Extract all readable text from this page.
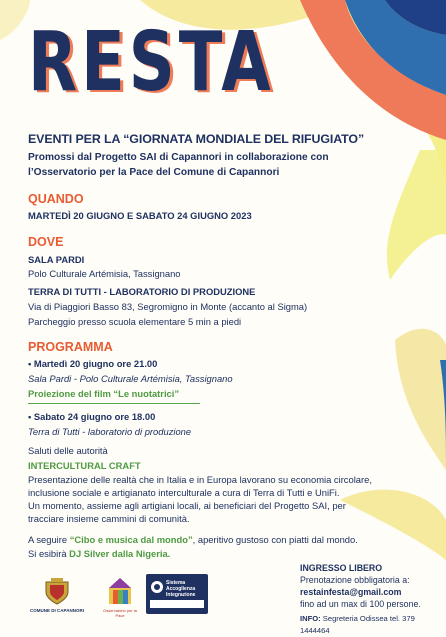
RESTA

EVENTI PER LA “GIORNATA MONDIALE DEL RIFUGIATO”

Promossi dal Progetto SAI di Capannori in collaborazione con
l’Osservatorio per la Pace del Comune di Capannori

QUANDO

MARTEDÌ 20 GIUGNO E SABATO 24 GIUGNO 2023

DOVE

SALA PARDI

Polo Culturale Artémisia, Tassignano

TERRA DI TUTTI - LABORATORIO DI PRODUZIONE

Via di Piaggiori Basso 83, Segromigno in Monte (accanto al Sigma)

Parcheggio presso scuola elementare 5 min a piedi

PROGRAMMA

• Martedì 20 giugno ore 21.00

Sala Pardi - Polo Culturale Artémisia, Tassignano

Proiezione del film “Le nuotatrici”

• Sabato 24 giugno ore 18.00

Terra di Tutti - laboratorio di produzione

Saluti delle autorità

INTERCULTURAL CRAFT

Presentazione delle realtà che in Italia e in Europa lavorano su economia circolare,
inclusione sociale e artigianato interculturale a cura di Terra di Tutti e UniFi.
Un momento, assieme agli artigiani locali, ai beneficiari del Progetto SAI, per
tracciare insieme cammini di comunità.

A seguire “Cibo e musica dal mondo”, aperitivo gustoso con piatti dal mondo.

Si esibirà DJ Silver dalla Nigeria.

COMUNE DI CAPANNORI	Osservatorio per la Pace
Sistema Accoglienza Integrazione

INGRESSO LIBERO

Prenotazione obbligatoria a:

restainfesta@gmail.com

fino ad un max di 100 persone.

INFO: Segreteria Odissea tel. 379 1444464
